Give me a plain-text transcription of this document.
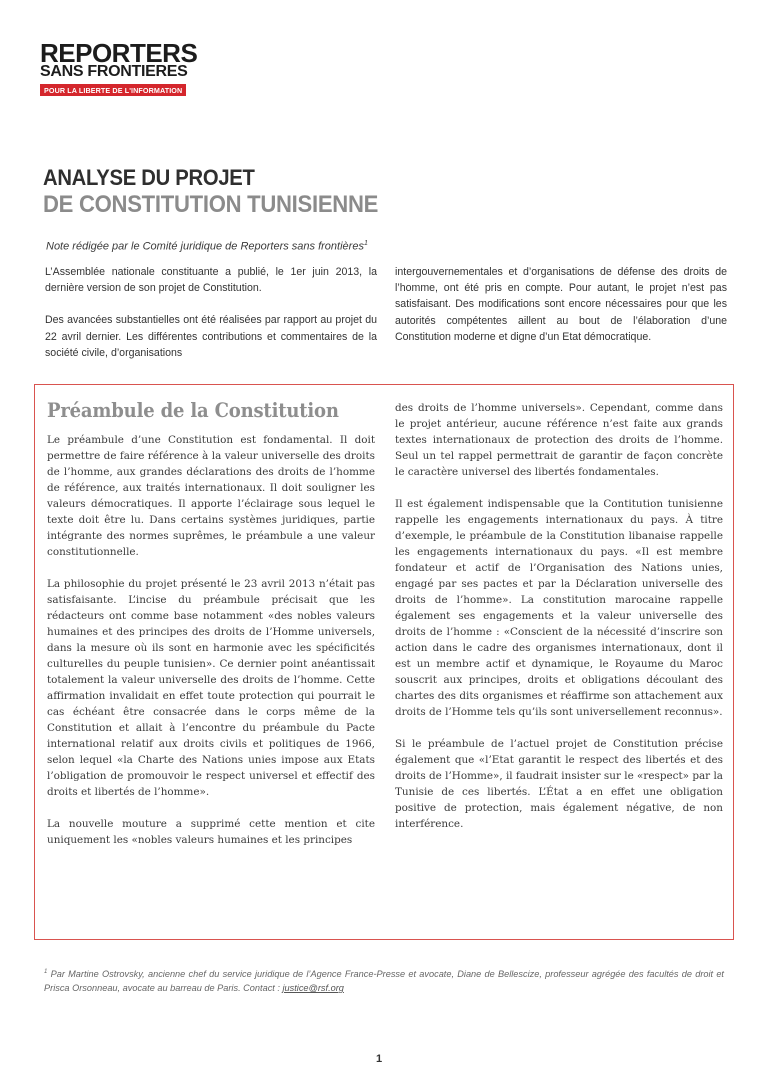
REPORTERS
SANS FRONTIERES
POUR LA LIBERTE DE L'INFORMATION
ANALYSE DU PROJET
DE CONSTITUTION TUNISIENNE
Note rédigée par le Comité juridique de Reporters sans frontières$^1$

L’Assemblée nationale constituante a publié, le 1er juin 2013, la dernière version de son projet de Constitution.

Des avancées substantielles ont été réalisées par rapport au projet du 22 avril dernier. Les différentes contributions et commentaires de la société civile, d’organisations

intergouvernementales et d’organisations de défense des droits de l’homme, ont été pris en compte. Pour autant, le projet n’est pas satisfaisant. Des modifications sont encore nécessaires pour que les autorités compétentes aillent au bout de l’élaboration d’une Constitution moderne et digne d’un Etat démocratique.

Préambule de la Constitution

Le préambule d’une Constitution est fondamental. Il doit permettre de faire référence à la valeur universelle des droits de l’homme, aux grandes déclarations des droits de l’homme de référence, aux traités internationaux. Il doit souligner les valeurs démocratiques. Il apporte l’éclairage sous lequel le texte doit être lu. Dans certains systèmes juridiques, partie intégrante des normes suprêmes, le préambule a une valeur constitutionnelle.

La philosophie du projet présenté le 23 avril 2013 n’était pas satisfaisante. L’incise du préambule précisait que les rédacteurs ont comme base notamment «des nobles valeurs humaines et des principes des droits de l’Homme universels, dans la mesure où ils sont en harmonie avec les spécificités culturelles du peuple tunisien». Ce dernier point anéantissait totalement la valeur universelle des droits de l’homme. Cette affirmation invalidait en effet toute protection qui pourrait le cas échéant être consacrée dans le corps même de la Constitution et allait à l’encontre du préambule du Pacte international relatif aux droits civils et politiques de 1966, selon lequel «la Charte des Nations unies impose aux Etats l’obligation de promouvoir le respect universel et effectif des droits et libertés de l’homme».

La nouvelle mouture a supprimé cette mention et cite uniquement les «nobles valeurs humaines et les principes

des droits de l’homme universels». Cependant, comme dans le projet antérieur, aucune référence n’est faite aux grands textes internationaux de protection des droits de l’homme. Seul un tel rappel permettrait de garantir de façon concrète le caractère universel des libertés fondamentales.

Il est également indispensable que la Contitution tunisienne rappelle les engagements internationaux du pays. À titre d’exemple, le préambule de la Constitution libanaise rappelle les engagements internationaux du pays. «Il est membre fondateur et actif de l’Organisation des Nations unies, engagé par ses pactes et par la Déclaration universelle des droits de l’homme». La constitution marocaine rappelle également ses engagements et la valeur universelle des droits de l’homme : «Conscient de la nécessité d’inscrire son action dans le cadre des organismes internationaux, dont il est un membre actif et dynamique, le Royaume du Maroc souscrit aux principes, droits et obligations découlant des chartes des dits organismes et réaffirme son attachement aux droits de l’Homme tels qu’ils sont universellement reconnus».

Si le préambule de l’actuel projet de Constitution précise également que «l’Etat garantit le respect des libertés et des droits de l’Homme», il faudrait insister sur le «respect» par la Tunisie de ces libertés. L’État a en effet une obligation positive de protection, mais également négative, de non interférence.

$^1$ Par Martine Ostrovsky, ancienne chef du service juridique de l’Agence France-Presse et avocate, Diane de Bellescize, professeur agrégée des facultés de droit et Prisca Orsonneau, avocate au barreau de Paris. Contact : justice@rsf.org
1
